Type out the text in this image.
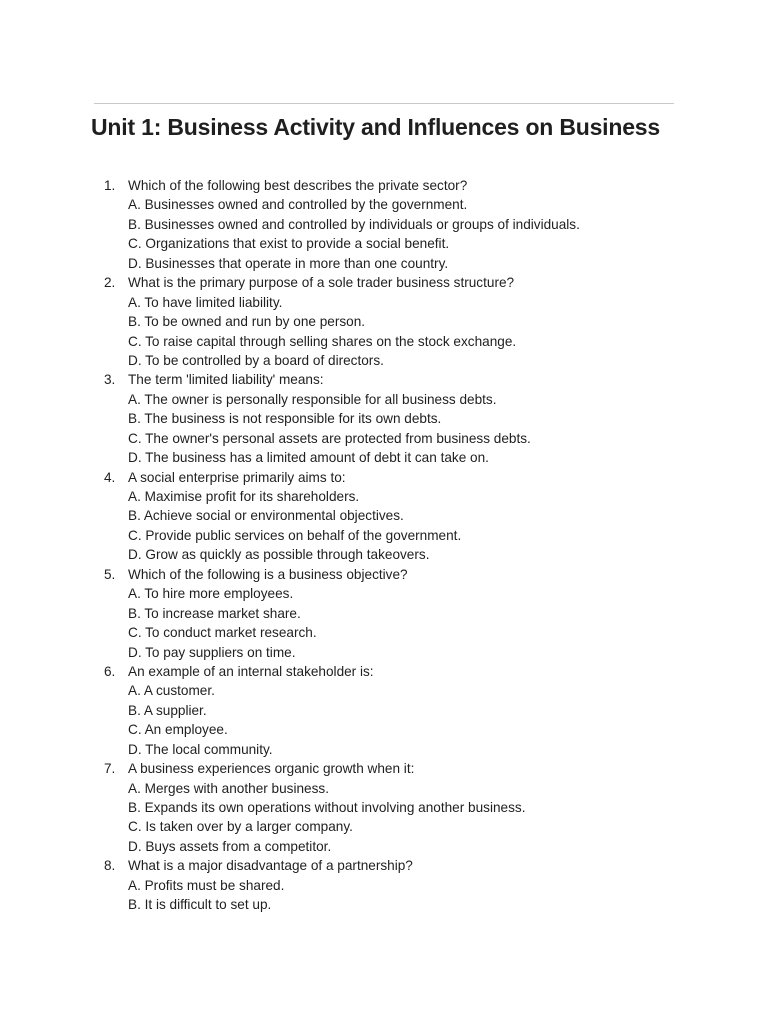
Unit 1: Business Activity and Influences on Business
1. Which of the following best describes the private sector?
A. Businesses owned and controlled by the government.
B. Businesses owned and controlled by individuals or groups of individuals.
C. Organizations that exist to provide a social benefit.
D. Businesses that operate in more than one country.
2. What is the primary purpose of a sole trader business structure?
A. To have limited liability.
B. To be owned and run by one person.
C. To raise capital through selling shares on the stock exchange.
D. To be controlled by a board of directors.
3. The term 'limited liability' means:
A. The owner is personally responsible for all business debts.
B. The business is not responsible for its own debts.
C. The owner's personal assets are protected from business debts.
D. The business has a limited amount of debt it can take on.
4. A social enterprise primarily aims to:
A. Maximise profit for its shareholders.
B. Achieve social or environmental objectives.
C. Provide public services on behalf of the government.
D. Grow as quickly as possible through takeovers.
5. Which of the following is a business objective?
A. To hire more employees.
B. To increase market share.
C. To conduct market research.
D. To pay suppliers on time.
6. An example of an internal stakeholder is:
A. A customer.
B. A supplier.
C. An employee.
D. The local community.
7. A business experiences organic growth when it:
A. Merges with another business.
B. Expands its own operations without involving another business.
C. Is taken over by a larger company.
D. Buys assets from a competitor.
8. What is a major disadvantage of a partnership?
A. Profits must be shared.
B. It is difficult to set up.
